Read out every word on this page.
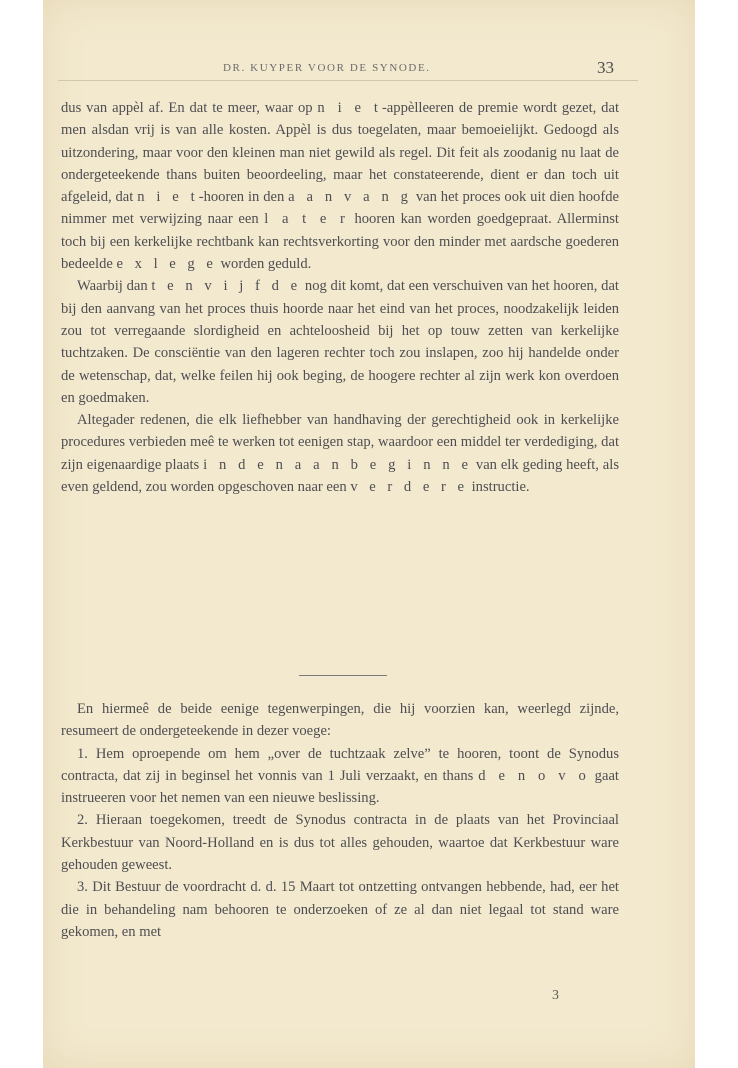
DR. KUYPER VOOR DE SYNODE.	33

dus van appèl af. En dat te meer, waar op n i e t-appèlleeren de premie wordt gezet, dat men alsdan vrij is van alle kosten. Appèl is dus toegelaten, maar bemoeielijkt. Gedoogd als uitzondering, maar voor den kleinen man niet gewild als regel. Dit feit als zoodanig nu laat de ondergeteekende thans buiten beoordeeling, maar het constateerende, dient er dan toch uit afgeleid, dat n i e t-hooren in den a a n v a n g van het proces ook uit dien hoofde nimmer met verwijzing naar een l a t e r hooren kan worden goedgepraat. Allerminst toch bij een kerkelijke rechtbank kan rechtsverkorting voor den minder met aardsche goederen bedeelde e x l e g e worden geduld.

Waarbij dan t e n v i j f d e nog dit komt, dat een verschuiven van het hooren, dat bij den aanvang van het proces thuis hoorde naar het eind van het proces, noodzakelijk leiden zou tot verregaande slordigheid en achteloosheid bij het op touw zetten van kerkelijke tuchtzaken. De consciëntie van den lageren rechter toch zou inslapen, zoo hij handelde onder de wetenschap, dat, welke feilen hij ook beging, de hoogere rechter al zijn werk kon overdoen en goedmaken.

Altegader redenen, die elk liefhebber van handhaving der gerechtigheid ook in kerkelijke procedures verbieden meê te werken tot eenigen stap, waardoor een middel ter verdediging, dat zijn eigenaardige plaats i n d e n a a n b e g i n n e van elk geding heeft, als even geldend, zou worden opgeschoven naar een v e r d e r e instructie.

En hiermeê de beide eenige tegenwerpingen, die hij voorzien kan, weerlegd zijnde, resumeert de ondergeteekende in dezer voege:

1. Hem oproepende om hem „over de tuchtzaak zelve” te hooren, toont de Synodus contracta, dat zij in beginsel het vonnis van 1 Juli verzaakt, en thans d e n o v o gaat instrueeren voor het nemen van een nieuwe beslissing.

2. Hieraan toegekomen, treedt de Synodus contracta in de plaats van het Provinciaal Kerkbestuur van Noord-Holland en is dus tot alles gehouden, waartoe dat Kerkbestuur ware gehouden geweest.

3. Dit Bestuur de voordracht d. d. 15 Maart tot ontzetting ontvangen hebbende, had, eer het die in behandeling nam behooren te onderzoeken of ze al dan niet legaal tot stand ware gekomen, en met

3
